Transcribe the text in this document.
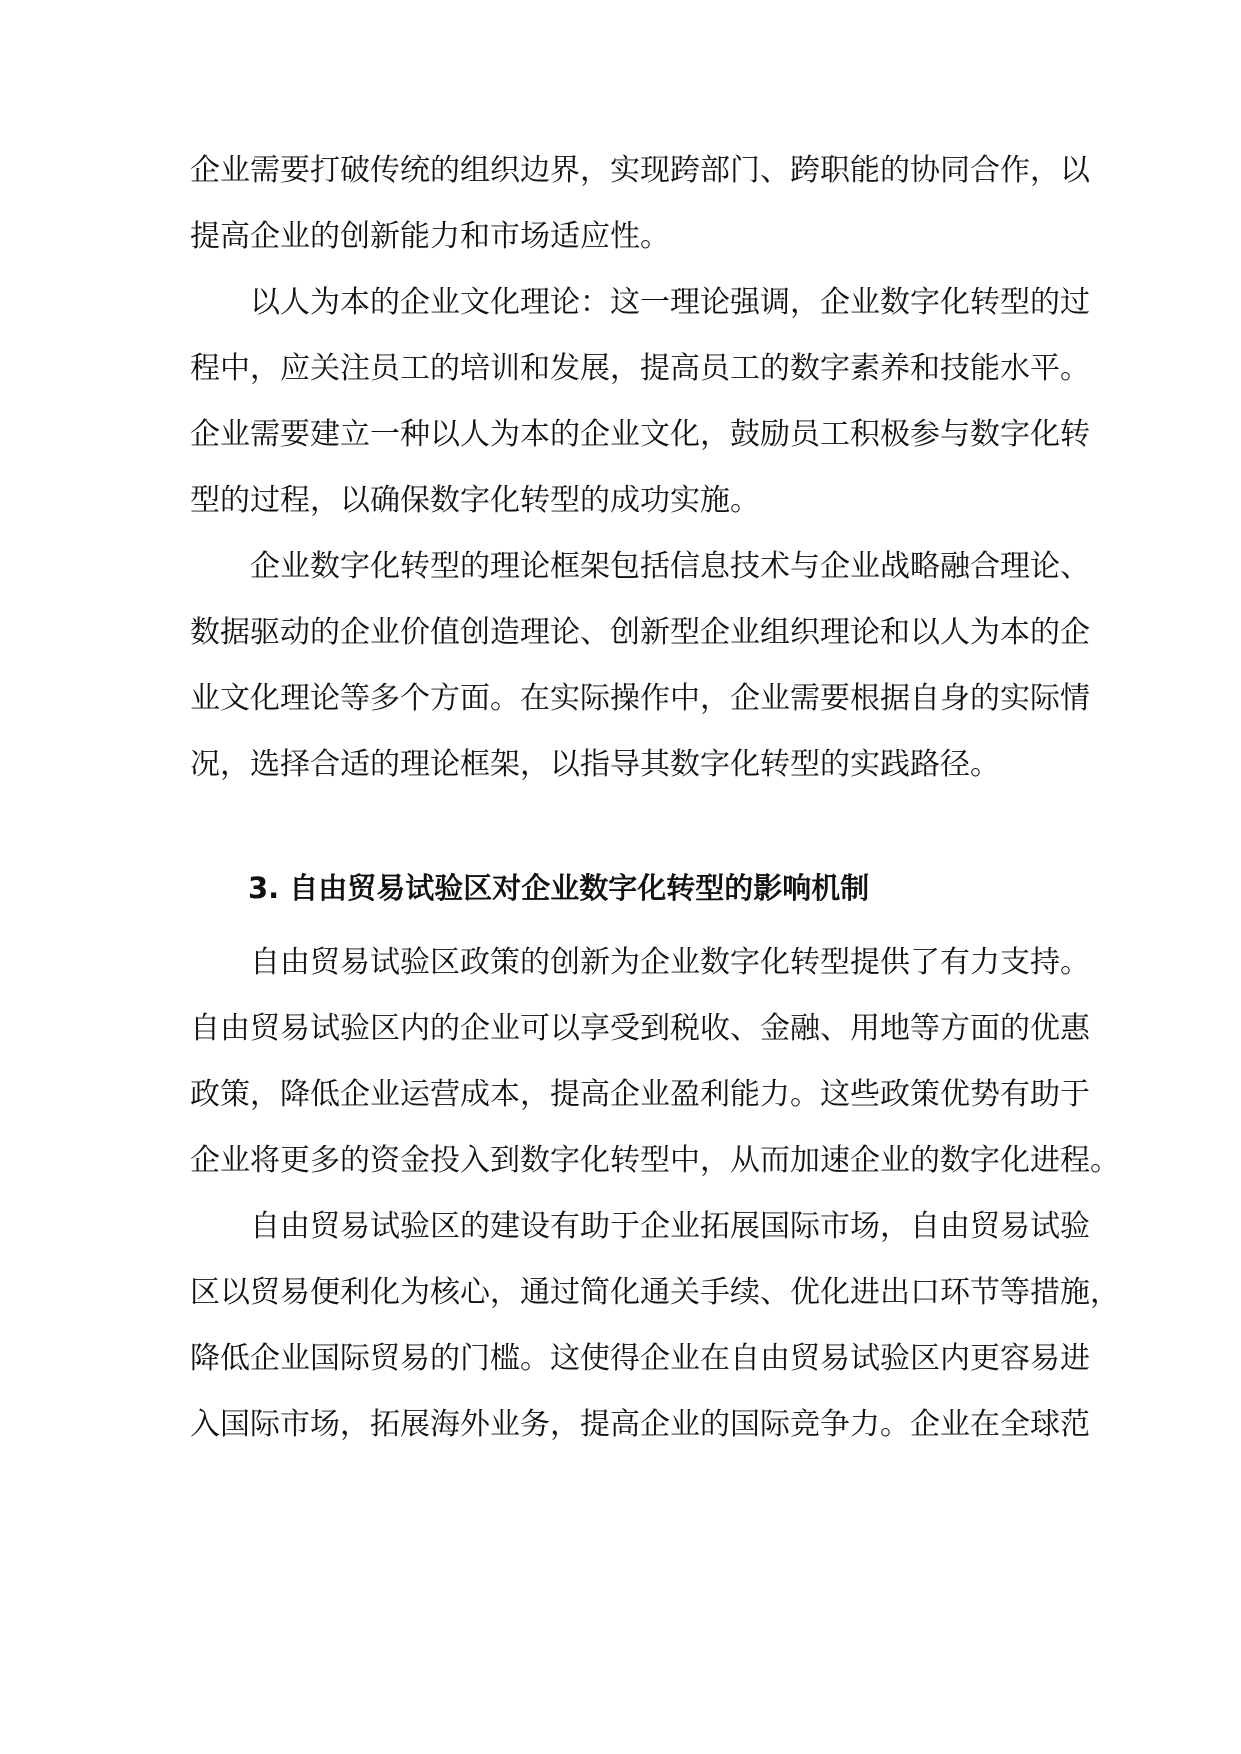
企业需要打破传统的组织边界，实现跨部门、跨职能的协同合作，以
提高企业的创新能力和市场适应性。
以人为本的企业文化理论：这一理论强调，企业数字化转型的过
程中，应关注员工的培训和发展，提高员工的数字素养和技能水平。
企业需要建立一种以人为本的企业文化，鼓励员工积极参与数字化转
型的过程，以确保数字化转型的成功实施。
企业数字化转型的理论框架包括信息技术与企业战略融合理论、
数据驱动的企业价值创造理论、创新型企业组织理论和以人为本的企
业文化理论等多个方面。在实际操作中，企业需要根据自身的实际情
况，选择合适的理论框架，以指导其数字化转型的实践路径。
3. 自由贸易试验区对企业数字化转型的影响机制
自由贸易试验区政策的创新为企业数字化转型提供了有力支持。
自由贸易试验区内的企业可以享受到税收、金融、用地等方面的优惠
政策，降低企业运营成本，提高企业盈利能力。这些政策优势有助于
企业将更多的资金投入到数字化转型中，从而加速企业的数字化进程。
自由贸易试验区的建设有助于企业拓展国际市场，自由贸易试验
区以贸易便利化为核心，通过简化通关手续、优化进出口环节等措施，
降低企业国际贸易的门槛。这使得企业在自由贸易试验区内更容易进
入国际市场，拓展海外业务，提高企业的国际竞争力。企业在全球范
